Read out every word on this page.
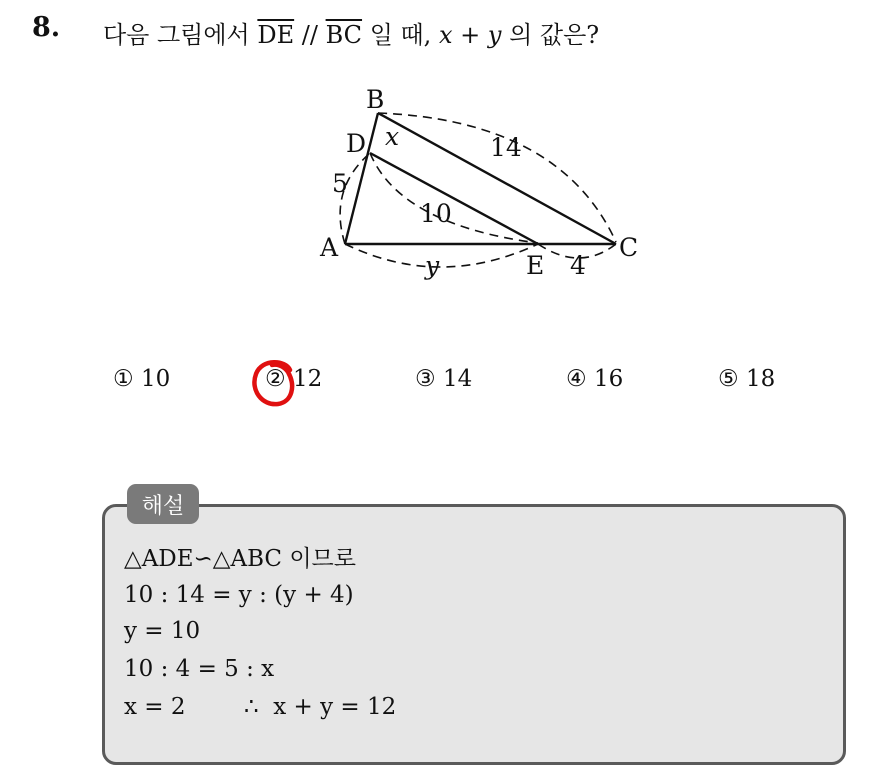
8. 다음 그림에서 $\overline{DE} // \overline{BC}$ 일 때, x + y 의 값은?
B
D
A
E
C
x
y
14
5
10
4
① 10	② 12	③ 14	④ 16	⑤ 18
해설
△ADE∽△ABC 이므로
10 : 14 = y : (y + 4)
y = 10
10 : 4 = 5 : x
x = 2        ∴  x + y = 12
